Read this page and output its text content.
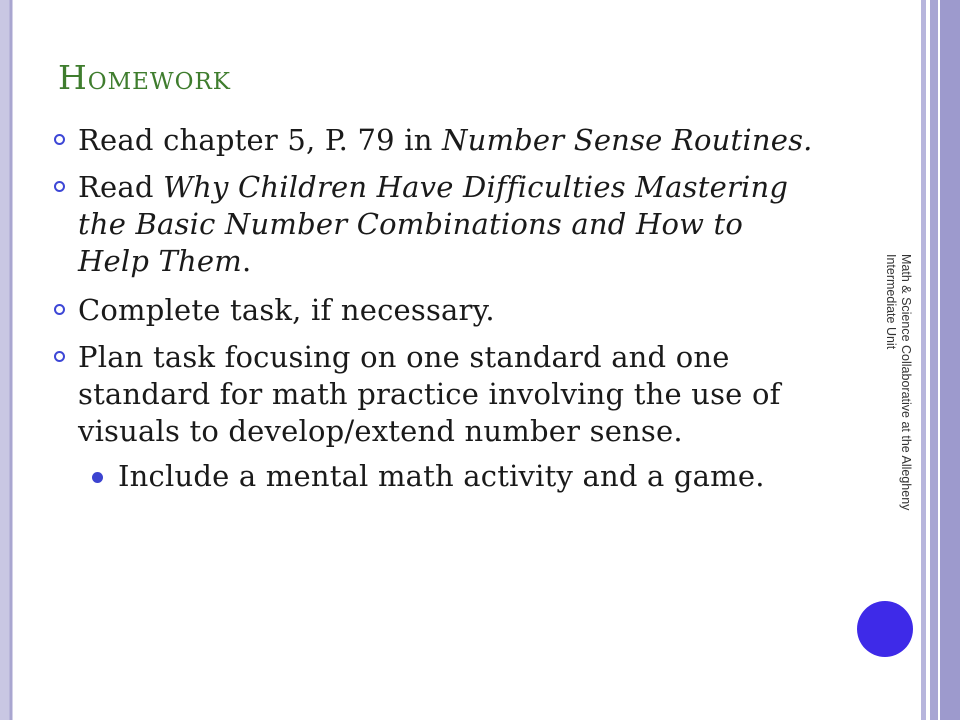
Homework
Read chapter 5, P. 79 in Number Sense Routines.
Read Why Children Have Difficulties Mastering the Basic Number Combinations and How to Help Them.
Complete task, if necessary.
Plan task focusing on one standard and one standard for math practice involving the use of visuals to develop/extend number sense.
Include a mental math activity and a game.	Math & Science Collaborative at the Allegheny Intermediate Unit
